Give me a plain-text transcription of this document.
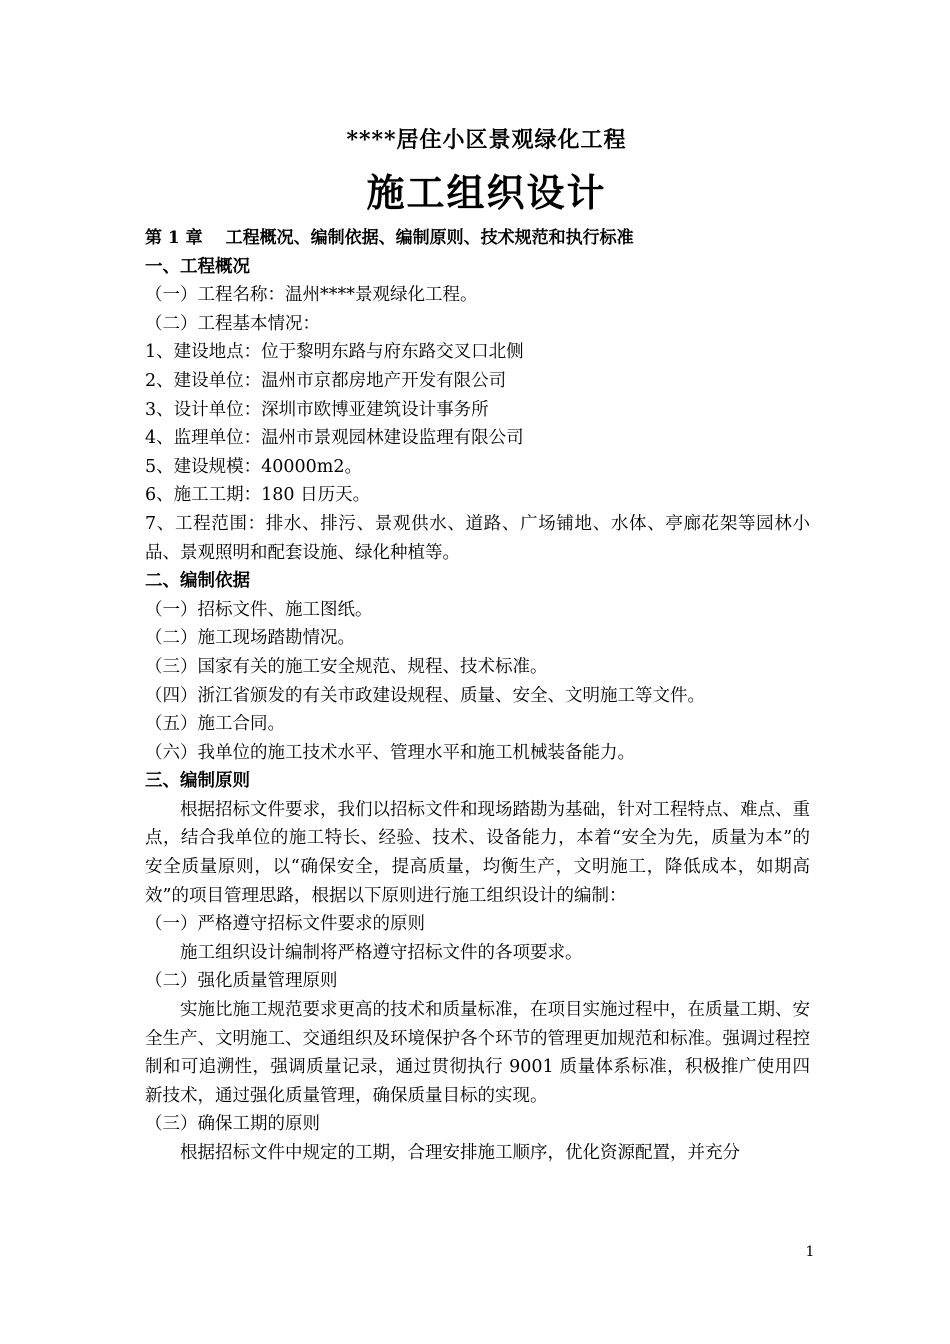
****居住小区景观绿化工程
施工组织设计
第 1 章　 工程概况、编制依据、编制原则、技术规范和执行标准
一、工程概况
（一）工程名称：温州****景观绿化工程。
（二）工程基本情况：
1、建设地点：位于黎明东路与府东路交叉口北侧
2、建设单位：温州市京都房地产开发有限公司
3、设计单位：深圳市欧博亚建筑设计事务所
4、监理单位：温州市景观园林建设监理有限公司
5、建设规模：40000m2。
6、施工工期：180 日历天。
7、工程范围：排水、排污、景观供水、道路、广场铺地、水体、亭廊花架等园林小品、景观照明和配套设施、绿化种植等。
二、编制依据
（一）招标文件、施工图纸。
（二）施工现场踏勘情况。
（三）国家有关的施工安全规范、规程、技术标准。
（四）浙江省颁发的有关市政建设规程、质量、安全、文明施工等文件。
（五）施工合同。
（六）我单位的施工技术水平、管理水平和施工机械装备能力。
三、编制原则
根据招标文件要求，我们以招标文件和现场踏勘为基础，针对工程特点、难点、重点，结合我单位的施工特长、经验、技术、设备能力，本着“安全为先，质量为本”的安全质量原则，以“确保安全，提高质量，均衡生产，文明施工，降低成本，如期高效”的项目管理思路，根据以下原则进行施工组织设计的编制：
（一）严格遵守招标文件要求的原则
施工组织设计编制将严格遵守招标文件的各项要求。
（二）强化质量管理原则
实施比施工规范要求更高的技术和质量标准，在项目实施过程中，在质量工期、安全生产、文明施工、交通组织及环境保护各个环节的管理更加规范和标准。强调过程控制和可追溯性，强调质量记录，通过贯彻执行 9001 质量体系标准，积极推广使用四新技术，通过强化质量管理，确保质量目标的实现。
（三）确保工期的原则
根据招标文件中规定的工期，合理安排施工顺序，优化资源配置，并充分
1
